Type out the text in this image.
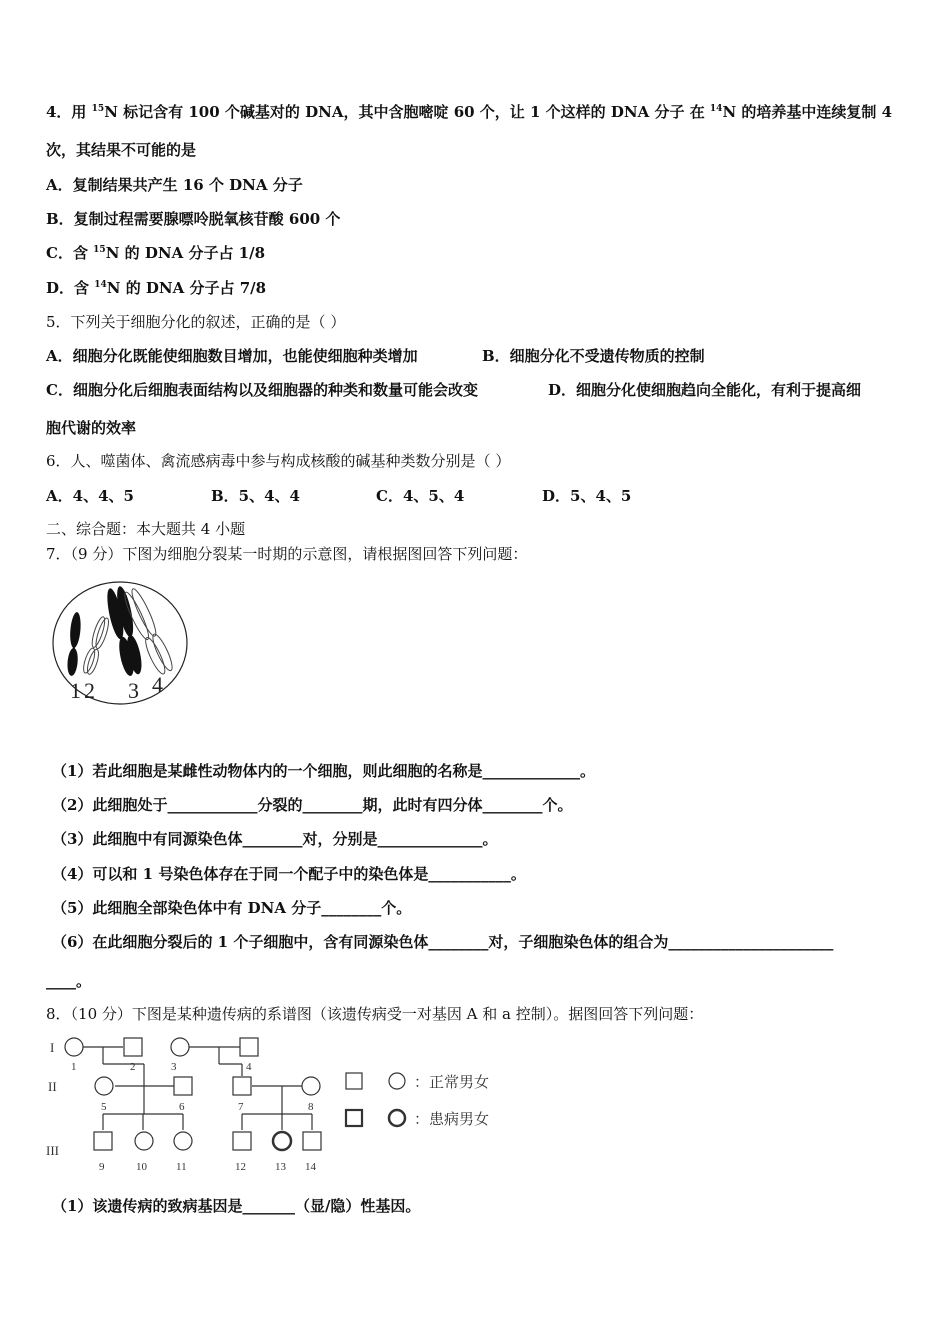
4．用 $^{15}$N 标记含有 100 个碱基对的 DNA，其中含胞嘧啶 60 个，让 1 个这样的 DNA 分子 在 $^{14}$N 的培养基中连续复制 4
次，其结果不可能的是
A．复制结果共产生 16 个 DNA 分子
B．复制过程需要腺嘌呤脱氧核苷酸 600 个
C．含 $^{15}$N 的 DNA 分子占 1/8
D．含 $^{14}$N 的 DNA 分子占 7/8
5．下列关于细胞分化的叙述，正确的是（ ）
A．细胞分化既能使细胞数目增加，也能使细胞种类增加	B．细胞分化不受遗传物质的控制
C．细胞分化后细胞表面结构以及细胞器的种类和数量可能会改变	D．细胞分化使细胞趋向全能化，有利于提高细
胞代谢的效率
6．人、噬菌体、禽流感病毒中参与构成核酸的碱基种类数分别是（ ）
A．4、4、5	B．5、4、4	C．4、5、4	D．5、4、5
二、综合题：本大题共 4 小题
7．（9 分）下图为细胞分裂某一时期的示意图，请根据图回答下列问题：
1 2 3 4
（1）若此细胞是某雌性动物体内的一个细胞，则此细胞的名称是_____________。
（2）此细胞处于____________分裂的________期，此时有四分体________个。
（3）此细胞中有同源染色体________对，分别是______________。
（4）可以和 1 号染色体存在于同一个配子中的染色体是___________。
（5）此细胞全部染色体中有 DNA 分子________个。
（6）在此细胞分裂后的 1 个子细胞中，含有同源染色体________对，子细胞染色体的组合为______________________
____。
8．（10 分）下图是某种遗传病的系谱图（该遗传病受一对基因 A 和 a 控制）。据图回答下列问题：
I
II
III
1	2	3	4
5	6	7	8
9	10	11	12	13 14
：正常男女
：患病男女
（1）该遗传病的致病基因是_______（显/隐）性基因。
